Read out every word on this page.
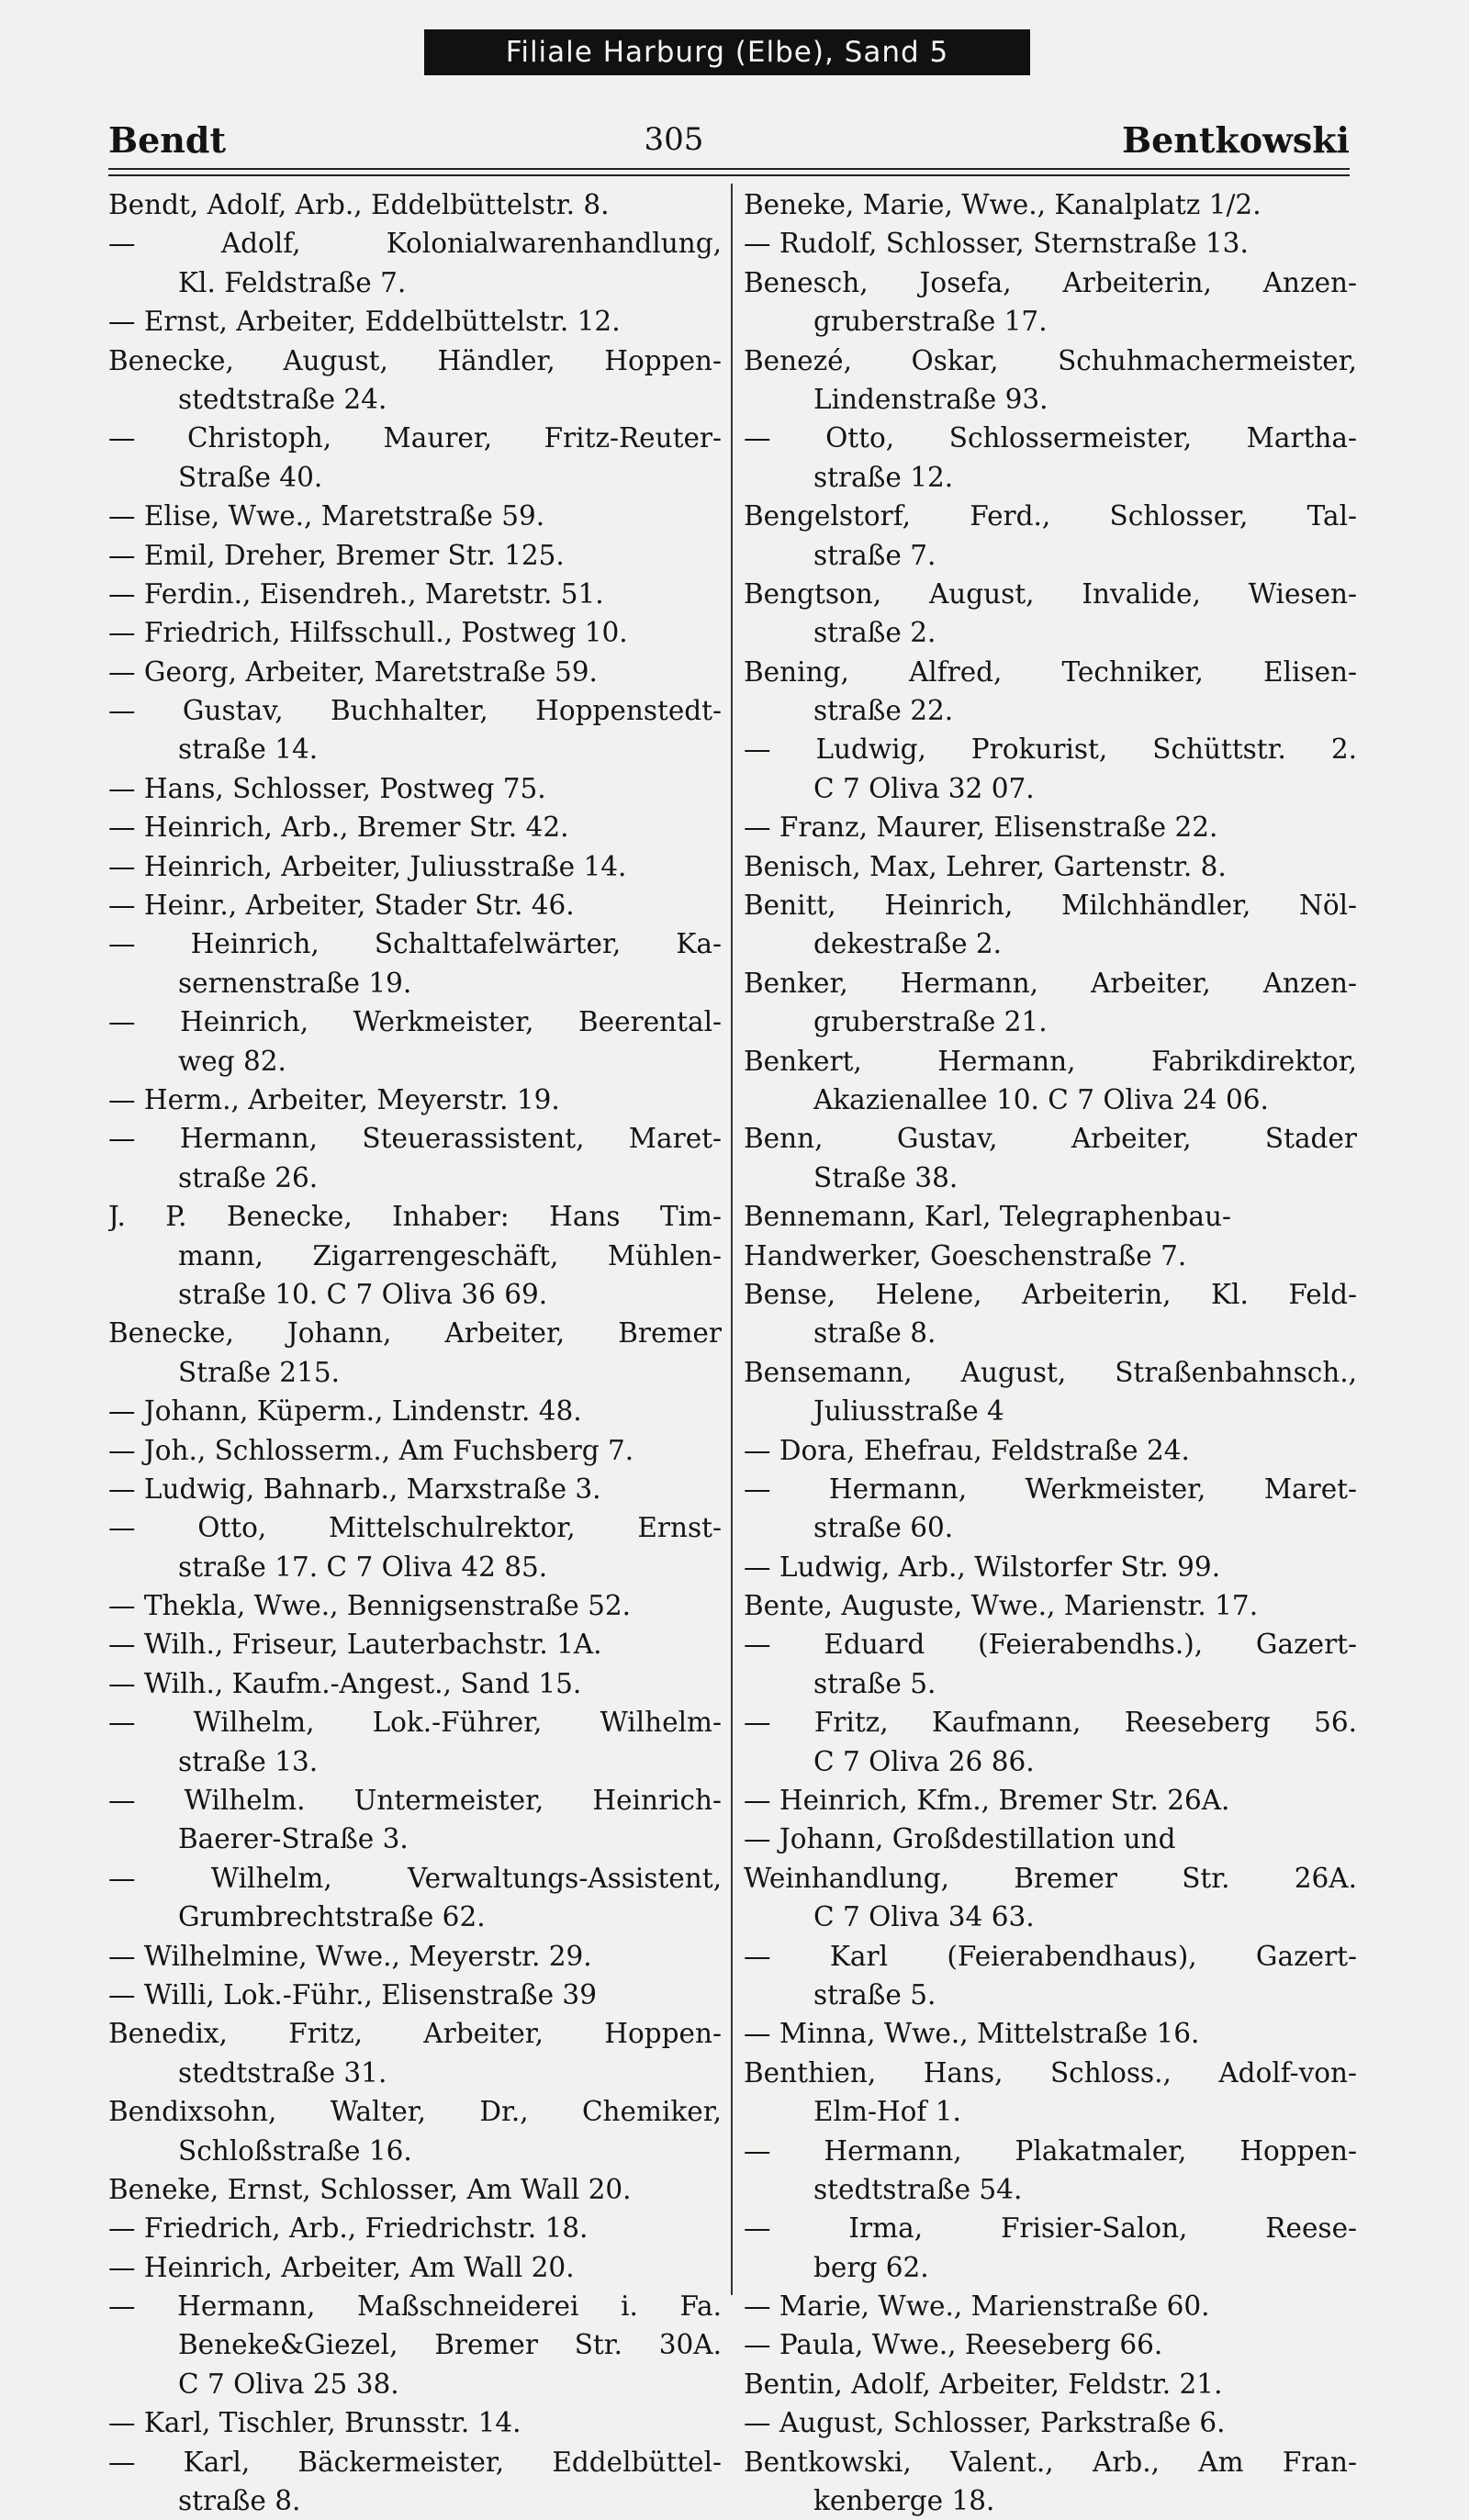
Filiale Harburg (Elbe), Sand 5
Bendt	305	Bentkowski
Bendt, Adolf, Arb., Eddelbüttelstr. 8.
— Adolf, Kolonialwarenhandlung,
Kl. Feldstraße 7.
— Ernst, Arbeiter, Eddelbüttelstr. 12.
Benecke, August, Händler, Hoppen-
stedtstraße 24.
— Christoph, Maurer, Fritz-Reuter-
Straße 40.
— Elise, Wwe., Maretstraße 59.
— Emil, Dreher, Bremer Str. 125.
— Ferdin., Eisendreh., Maretstr. 51.
— Friedrich, Hilfsschull., Postweg 10.
— Georg, Arbeiter, Maretstraße 59.
— Gustav, Buchhalter, Hoppenstedt-
straße 14.
— Hans, Schlosser, Postweg 75.
— Heinrich, Arb., Bremer Str. 42.
— Heinrich, Arbeiter, Juliusstraße 14.
— Heinr., Arbeiter, Stader Str. 46.
— Heinrich, Schalttafelwärter, Ka-
sernenstraße 19.
— Heinrich, Werkmeister, Beerental-
weg 82.
— Herm., Arbeiter, Meyerstr. 19.
— Hermann, Steuerassistent, Maret-
straße 26.
J. P. Benecke, Inhaber: Hans Tim-
mann, Zigarrengeschäft, Mühlen-
straße 10. C 7 Oliva 36 69.
Benecke, Johann, Arbeiter, Bremer
Straße 215.
— Johann, Küperm., Lindenstr. 48.
— Joh., Schlosserm., Am Fuchsberg 7.
— Ludwig, Bahnarb., Marxstraße 3.
— Otto, Mittelschulrektor, Ernst-
straße 17. C 7 Oliva 42 85.
— Thekla, Wwe., Bennigsenstraße 52.
— Wilh., Friseur, Lauterbachstr. 1A.
— Wilh., Kaufm.-Angest., Sand 15.
— Wilhelm, Lok.-Führer, Wilhelm-
straße 13.
— Wilhelm. Untermeister, Heinrich-
Baerer-Straße 3.
— Wilhelm, Verwaltungs-Assistent,
Grumbrechtstraße 62.
— Wilhelmine, Wwe., Meyerstr. 29.
— Willi, Lok.-Führ., Elisenstraße 39
Benedix, Fritz, Arbeiter, Hoppen-
stedtstraße 31.
Bendixsohn, Walter, Dr., Chemiker,
Schloßstraße 16.
Beneke, Ernst, Schlosser, Am Wall 20.
— Friedrich, Arb., Friedrichstr. 18.
— Heinrich, Arbeiter, Am Wall 20.
— Hermann, Maßschneiderei i. Fa.
Beneke&Giezel, Bremer Str. 30A.
C 7 Oliva 25 38.
— Karl, Tischler, Brunsstr. 14.
— Karl, Bäckermeister, Eddelbüttel-
straße 8.
Beneke, Marie, Wwe., Kanalplatz 1/2.
— Rudolf, Schlosser, Sternstraße 13.
Benesch, Josefa, Arbeiterin, Anzen-
gruberstraße 17.
Benezé, Oskar, Schuhmachermeister,
Lindenstraße 93.
— Otto, Schlossermeister, Martha-
straße 12.
Bengelstorf, Ferd., Schlosser, Tal-
straße 7.
Bengtson, August, Invalide, Wiesen-
straße 2.
Bening, Alfred, Techniker, Elisen-
straße 22.
— Ludwig, Prokurist, Schüttstr. 2.
C 7 Oliva 32 07.
— Franz, Maurer, Elisenstraße 22.
Benisch, Max, Lehrer, Gartenstr. 8.
Benitt, Heinrich, Milchhändler, Nöl-
dekestraße 2.
Benker, Hermann, Arbeiter, Anzen-
gruberstraße 21.
Benkert, Hermann, Fabrikdirektor,
Akazienallee 10. C 7 Oliva 24 06.
Benn, Gustav, Arbeiter, Stader
Straße 38.
Bennemann, Karl, Telegraphenbau-
Handwerker, Goeschenstraße 7.
Bense, Helene, Arbeiterin, Kl. Feld-
straße 8.
Bensemann, August, Straßenbahnsch.,
Juliusstraße 4
— Dora, Ehefrau, Feldstraße 24.
— Hermann, Werkmeister, Maret-
straße 60.
— Ludwig, Arb., Wilstorfer Str. 99.
Bente, Auguste, Wwe., Marienstr. 17.
— Eduard (Feierabendhs.), Gazert-
straße 5.
— Fritz, Kaufmann, Reeseberg 56.
C 7 Oliva 26 86.
— Heinrich, Kfm., Bremer Str. 26A.
— Johann, Großdestillation und
Weinhandlung, Bremer Str. 26A.
C 7 Oliva 34 63.
— Karl (Feierabendhaus), Gazert-
straße 5.
— Minna, Wwe., Mittelstraße 16.
Benthien, Hans, Schloss., Adolf-von-
Elm-Hof 1.
— Hermann, Plakatmaler, Hoppen-
stedtstraße 54.
— Irma, Frisier-Salon, Reese-
berg 62.
— Marie, Wwe., Marienstraße 60.
— Paula, Wwe., Reeseberg 66.
Bentin, Adolf, Arbeiter, Feldstr. 21.
— August, Schlosser, Parkstraße 6.
Bentkowski, Valent., Arb., Am Fran-
kenberge 18.
